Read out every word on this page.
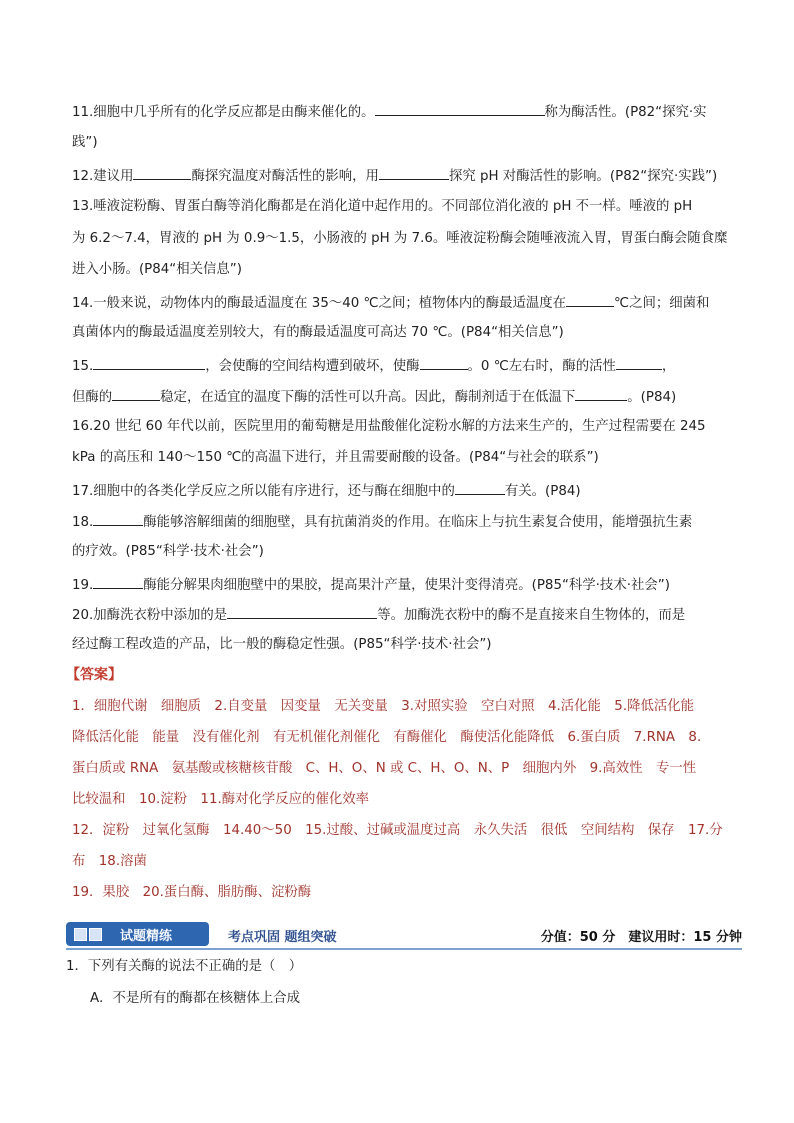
11.细胞中几乎所有的化学反应都是由酶来催化的。	称为酶活性。(P82“探究·实
践”)
12.建议用	酶探究温度对酶活性的影响，用	探究 pH 对酶活性的影响。(P82“探究·实践”)
13.唾液淀粉酶、胃蛋白酶等消化酶都是在消化道中起作用的。不同部位消化液的 pH 不一样。唾液的 pH
为 6.2～7.4，胃液的 pH 为 0.9～1.5，小肠液的 pH 为 7.6。唾液淀粉酶会随唾液流入胃，胃蛋白酶会随食糜
进入小肠。(P84“相关信息”)
14.一般来说，动物体内的酶最适温度在 35～40 ℃之间；植物体内的酶最适温度在	℃之间；细菌和
真菌体内的酶最适温度差别较大，有的酶最适温度可高达 70 ℃。(P84“相关信息”)
15.	，会使酶的空间结构遭到破坏，使酶	。0 ℃左右时，酶的活性	，
但酶的	稳定，在适宜的温度下酶的活性可以升高。因此，酶制剂适于在低温下	。(P84)
16.20 世纪 60 年代以前，医院里用的葡萄糖是用盐酸催化淀粉水解的方法来生产的，生产过程需要在 245
kPa 的高压和 140～150 ℃的高温下进行，并且需要耐酸的设备。(P84“与社会的联系”)
17.细胞中的各类化学反应之所以能有序进行，还与酶在细胞中的	有关。(P84)
18.	酶能够溶解细菌的细胞壁，具有抗菌消炎的作用。在临床上与抗生素复合使用，能增强抗生素
的疗效。(P85“科学·技术·社会”)
19.	酶能分解果肉细胞壁中的果胶，提高果汁产量，使果汁变得清亮。(P85“科学·技术·社会”)
20.加酶洗衣粉中添加的是	等。加酶洗衣粉中的酶不是直接来自生物体的，而是
经过酶工程改造的产品，比一般的酶稳定性强。(P85“科学·技术·社会”)
【答案】
1．细胞代谢　细胞质　2.自变量　因变量　无关变量　3.对照实验　空白对照　4.活化能　5.降低活化能
降低活化能　能量　没有催化剂　有无机催化剂催化　有酶催化　酶使活化能降低　6.蛋白质　7.RNA　8.
蛋白质或 RNA　氨基酸或核糖核苷酸　C、H、O、N 或 C、H、O、N、P　细胞内外　9.高效性　专一性
比较温和　10.淀粉　11.酶对化学反应的催化效率
12．淀粉　过氧化氢酶　14.40～50　15.过酸、过碱或温度过高　永久失活　很低　空间结构　保存　17.分
布　18.溶菌
19．果胶　20.蛋白酶、脂肪酶、淀粉酶
试题精练	考点巩固 题组突破	分值：50 分　建议用时：15 分钟
1．下列有关酶的说法不正确的是（　）
A．不是所有的酶都在核糖体上合成
